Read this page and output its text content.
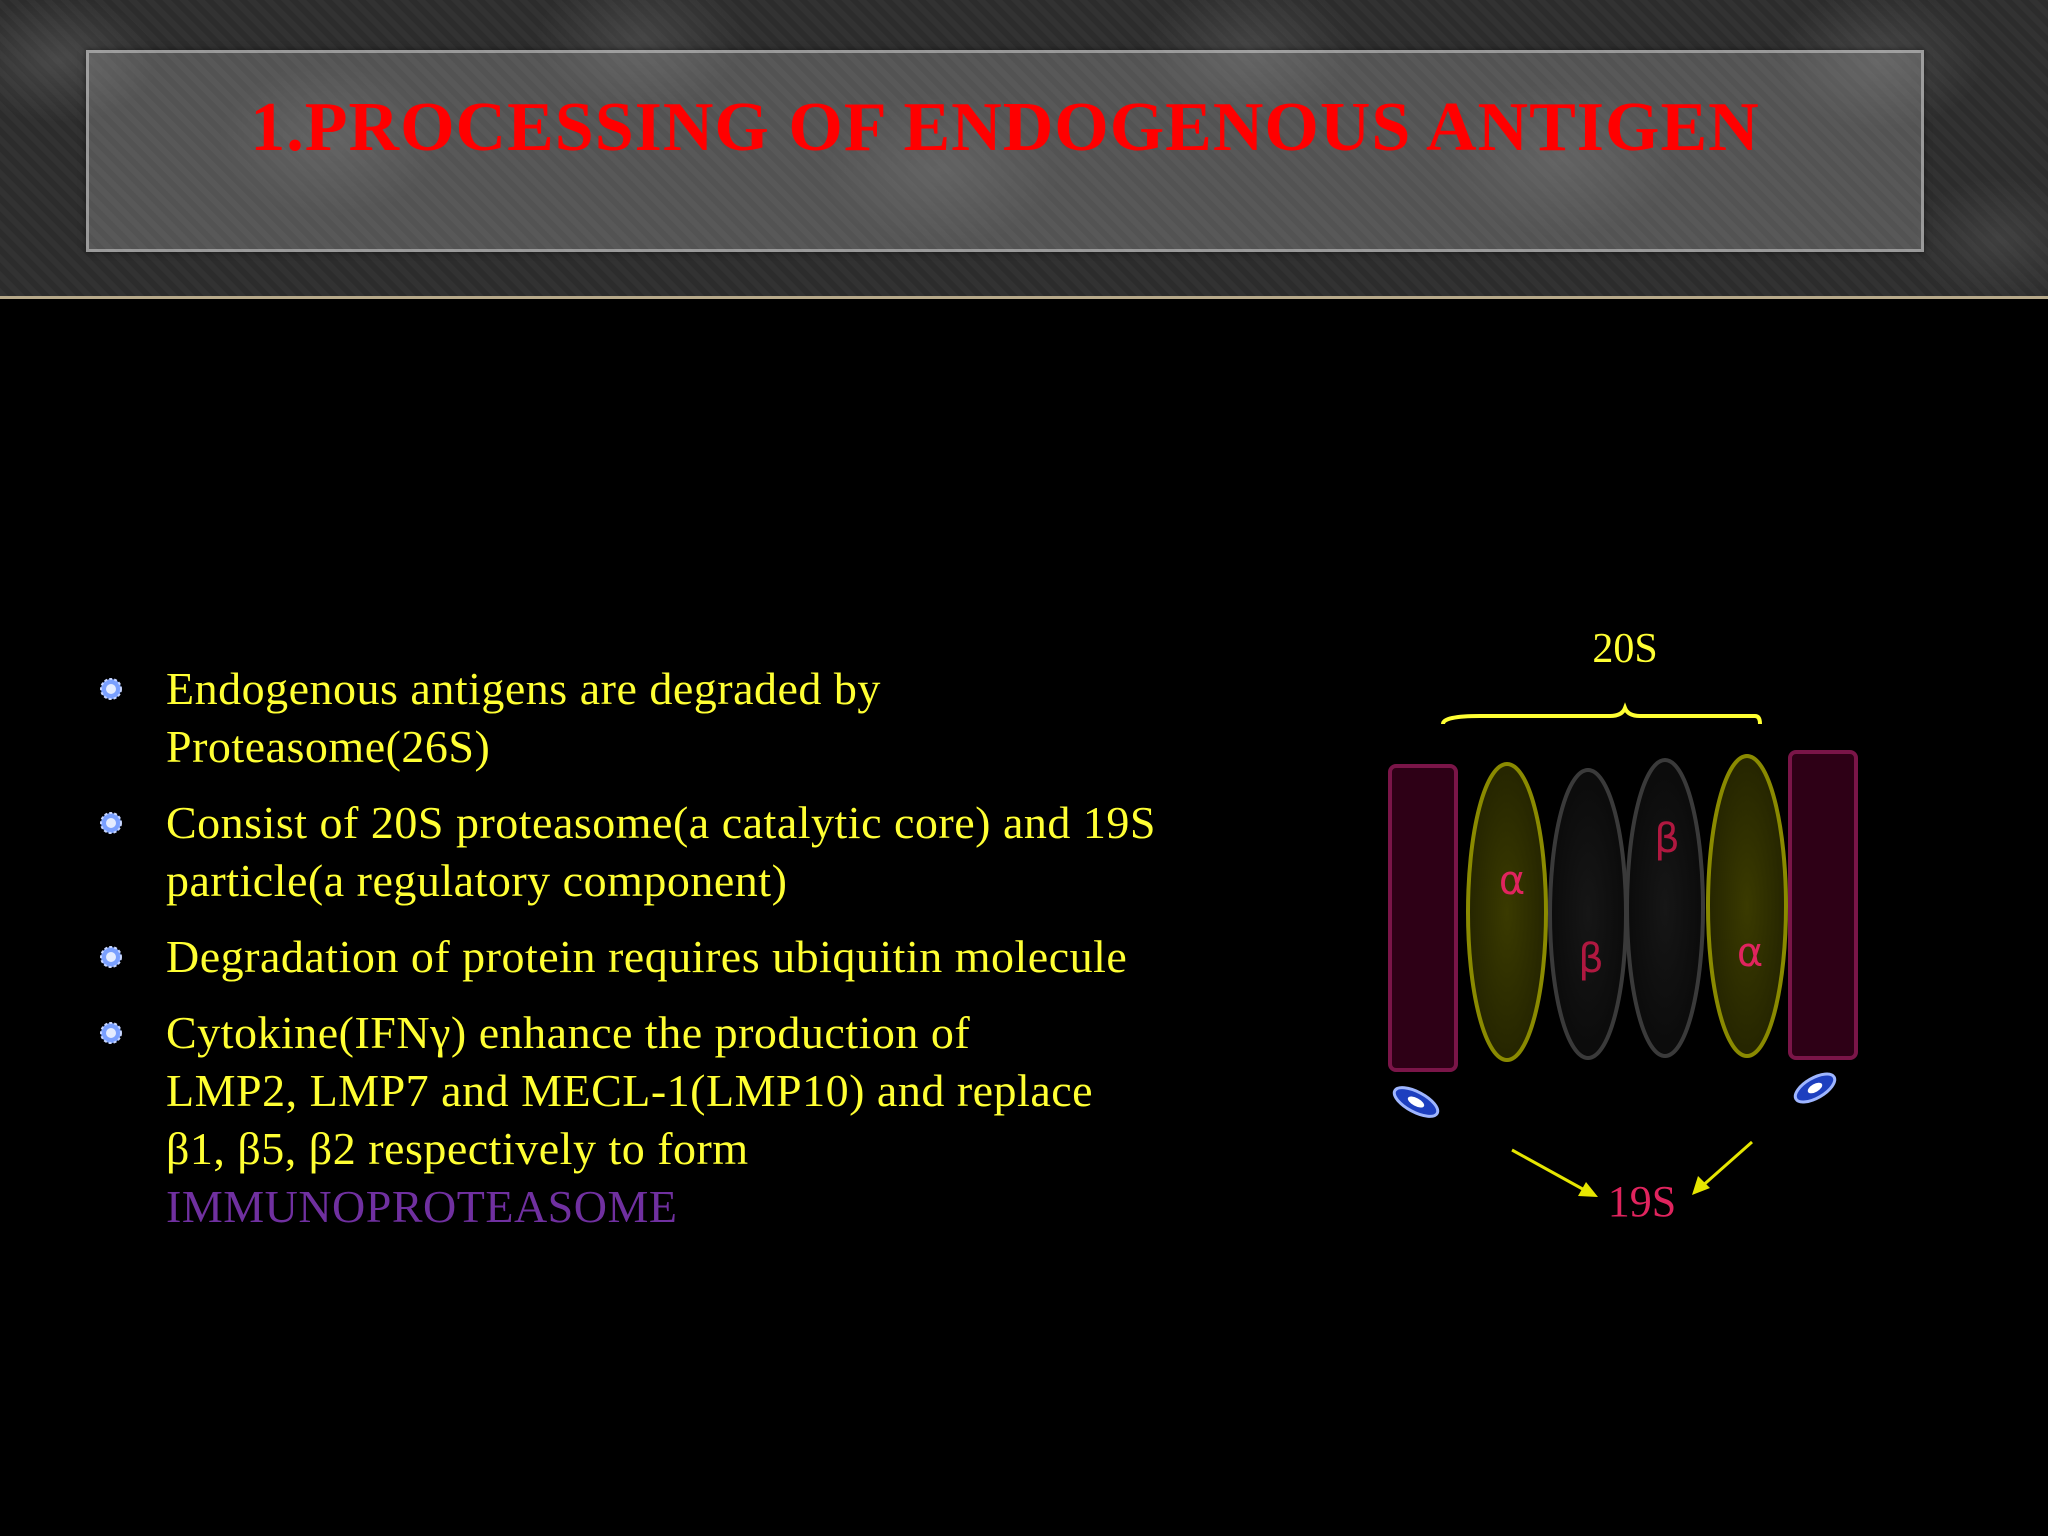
1.PROCESSING OF ENDOGENOUS ANTIGEN
Endogenous antigens are degraded by
Proteasome(26S)
Consist of 20S proteasome(a catalytic core) and 19S
particle(a regulatory component)
Degradation of protein requires ubiquitin molecule
Cytokine(IFNγ) enhance the production of
LMP2, LMP7 and MECL-1(LMP10) and replace
β1, β5, β2 respectively to form
IMMUNOPROTEASOME
20S
α
β
β
α
19S
